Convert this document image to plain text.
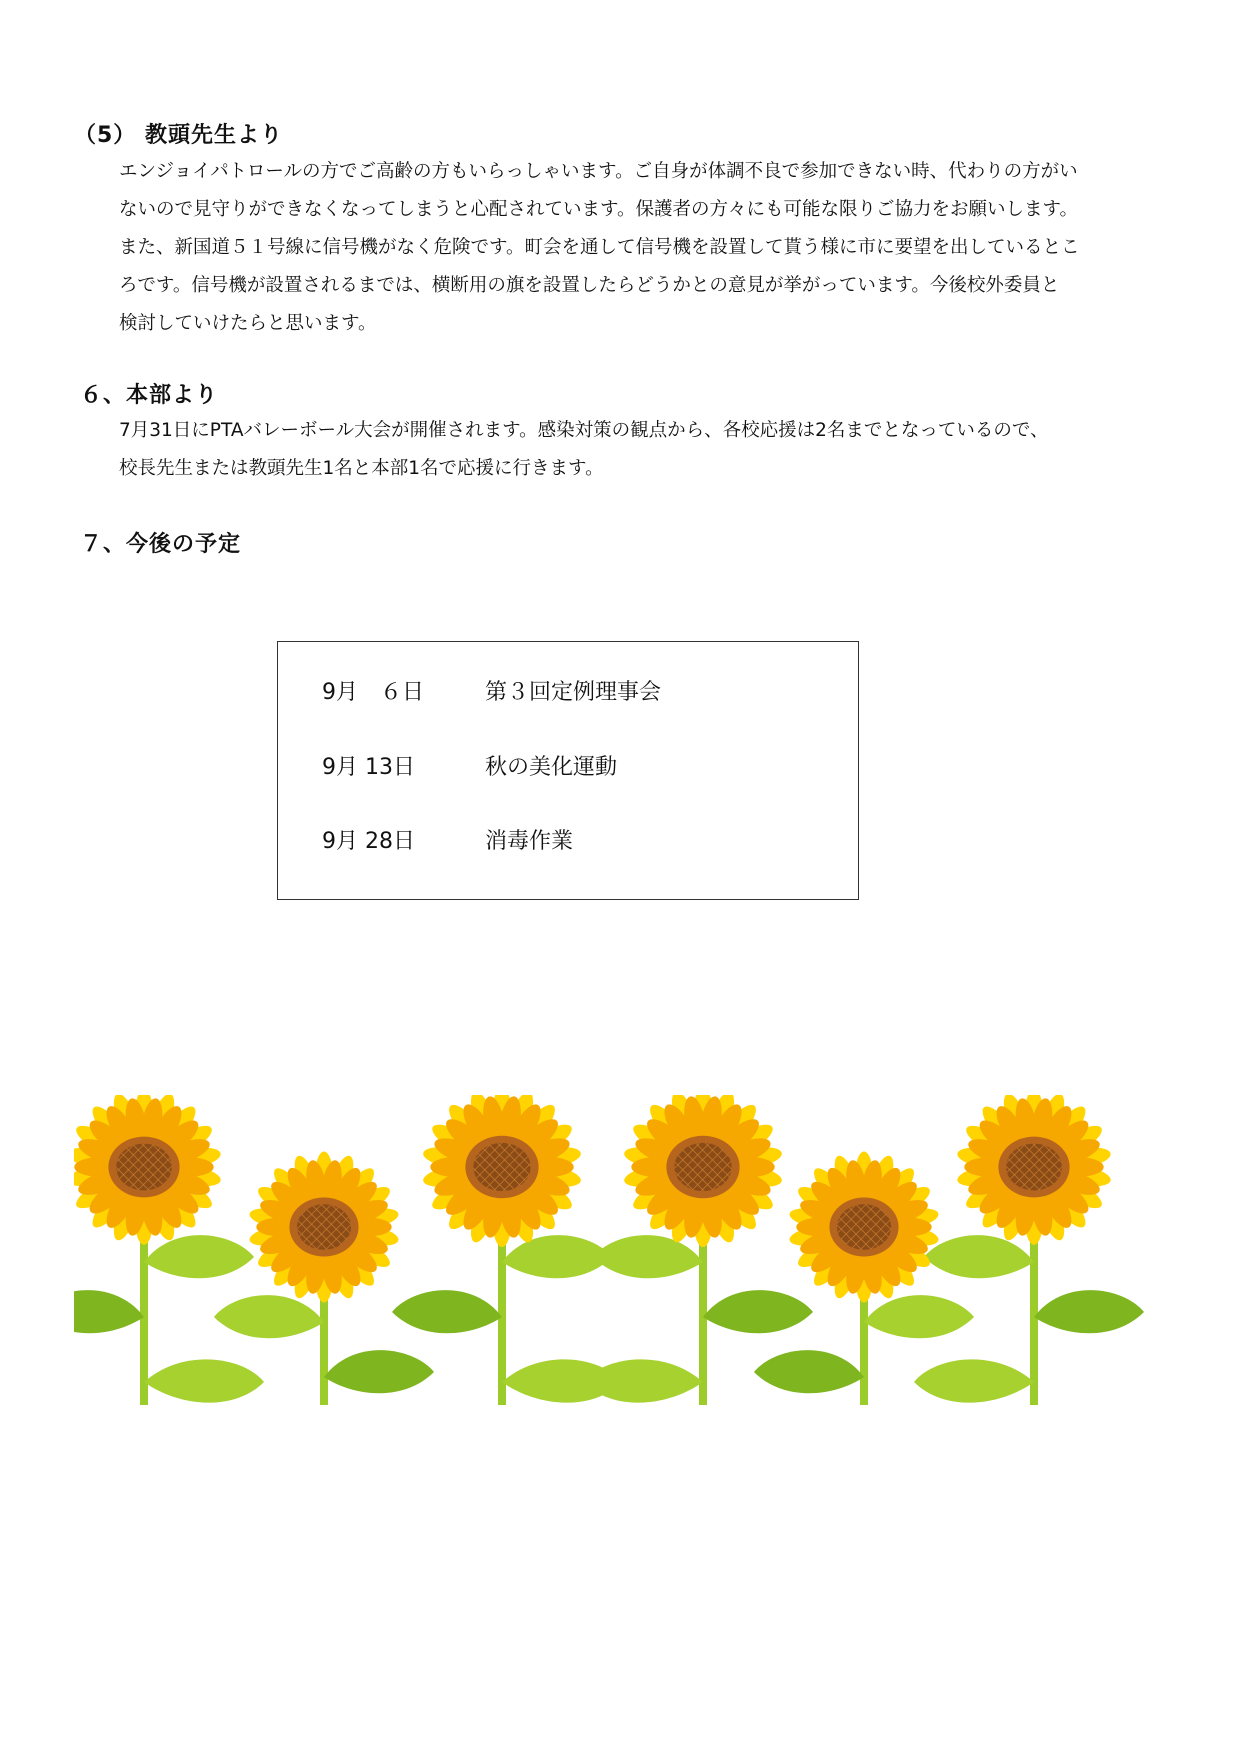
（5） 教頭先生より
エンジョイパトロールの方でご高齢の方もいらっしゃいます。ご自身が体調不良で参加できない時、代わりの方がい
ないので見守りができなくなってしまうと心配されています。保護者の方々にも可能な限りご協力をお願いします。
また、新国道５１号線に信号機がなく危険です。町会を通して信号機を設置して貰う様に市に要望を出しているとこ
ろです。信号機が設置されるまでは、横断用の旗を設置したらどうかとの意見が挙がっています。今後校外委員と
検討していけたらと思います。
６、本部より
7月31日にPTAバレーボール大会が開催されます。感染対策の観点から、各校応援は2名までとなっているので、
校長先生または教頭先生1名と本部1名で応援に行きます。
７、今後の予定
9月　６日	第３回定例理事会
9月 13日	秋の美化運動
9月 28日	消毒作業
